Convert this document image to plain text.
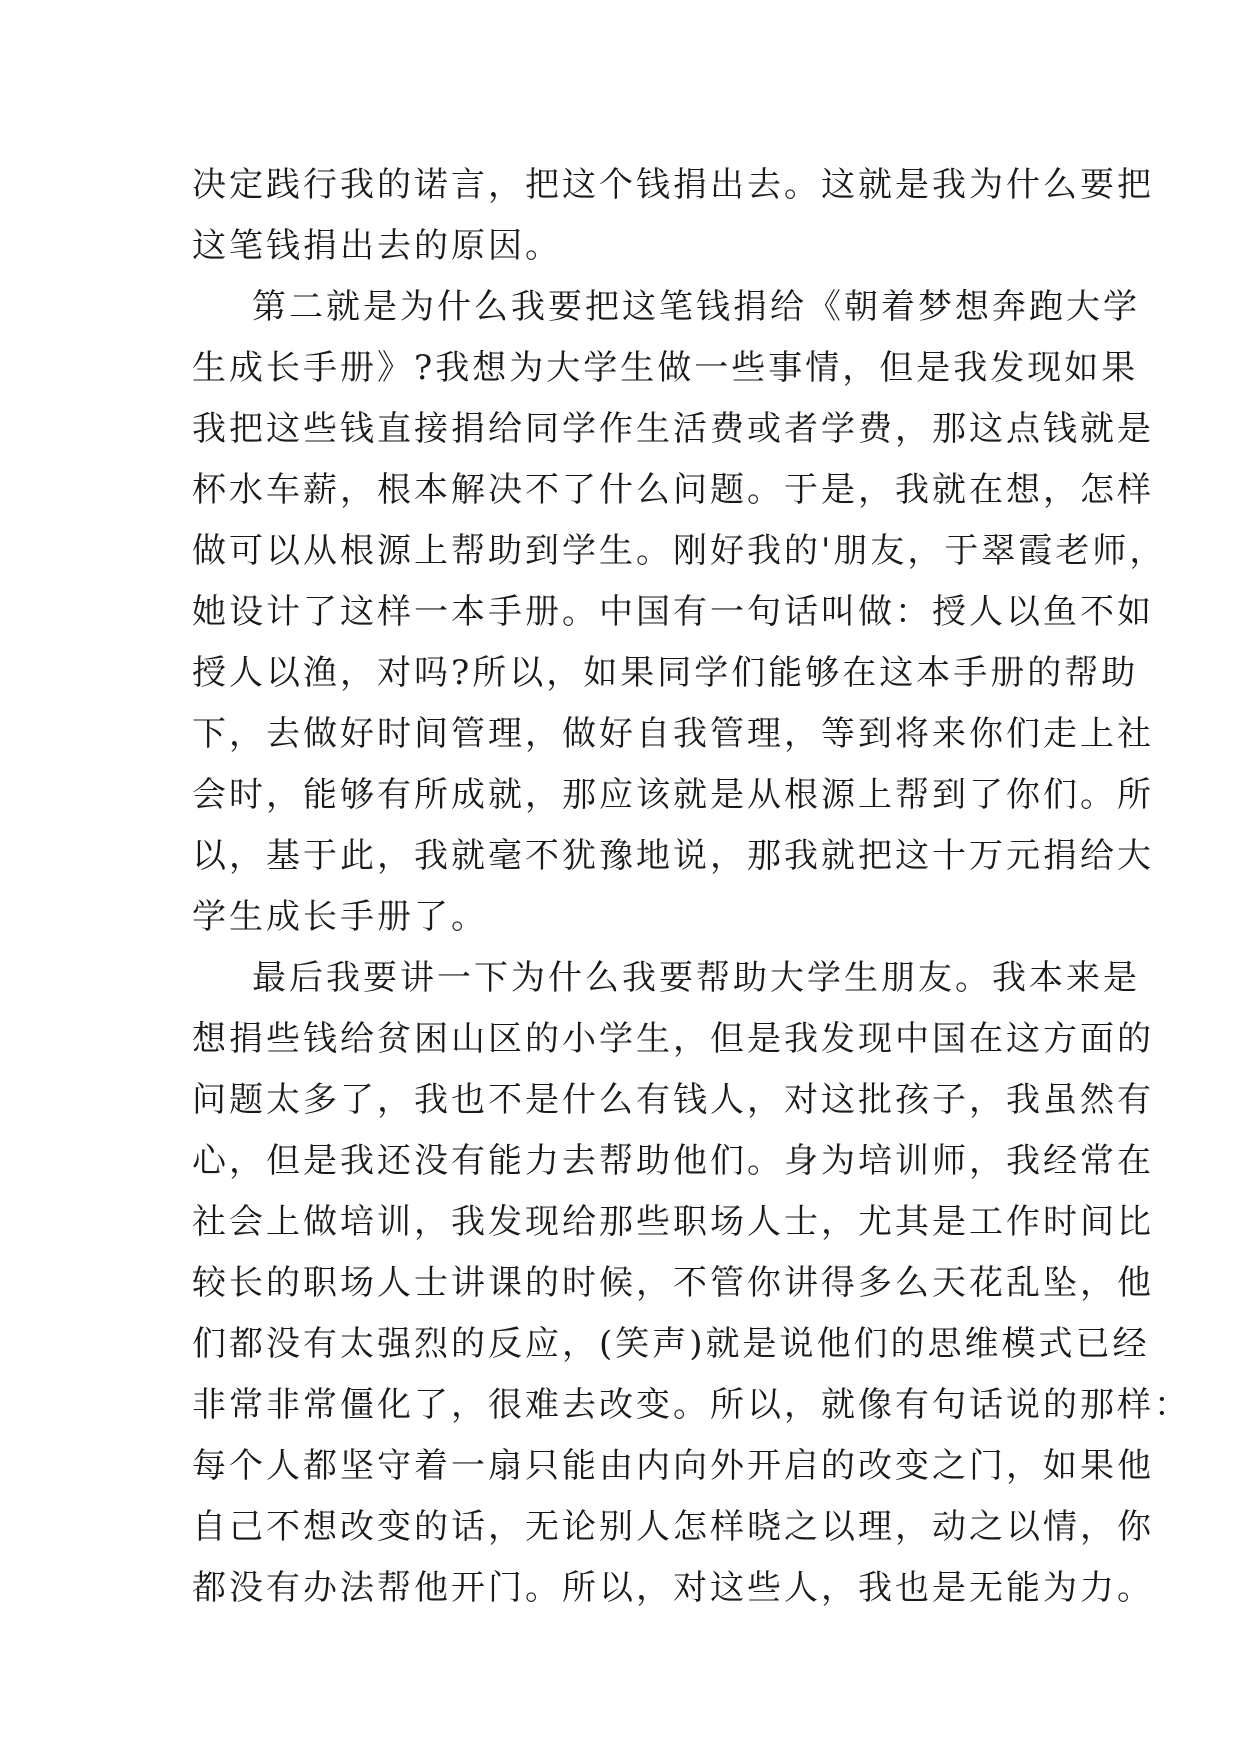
决定践行我的诺言，把这个钱捐出去。这就是我为什么要把
这笔钱捐出去的原因。

第二就是为什么我要把这笔钱捐给《朝着梦想奔跑大学
生成长手册》?我想为大学生做一些事情，但是我发现如果
我把这些钱直接捐给同学作生活费或者学费，那这点钱就是
杯水车薪，根本解决不了什么问题。于是，我就在想，怎样
做可以从根源上帮助到学生。刚好我的'朋友，于翠霞老师，
她设计了这样一本手册。中国有一句话叫做：授人以鱼不如
授人以渔，对吗?所以，如果同学们能够在这本手册的帮助
下，去做好时间管理，做好自我管理，等到将来你们走上社
会时，能够有所成就，那应该就是从根源上帮到了你们。所
以，基于此，我就毫不犹豫地说，那我就把这十万元捐给大
学生成长手册了。

最后我要讲一下为什么我要帮助大学生朋友。我本来是
想捐些钱给贫困山区的小学生，但是我发现中国在这方面的
问题太多了，我也不是什么有钱人，对这批孩子，我虽然有
心，但是我还没有能力去帮助他们。身为培训师，我经常在
社会上做培训，我发现给那些职场人士，尤其是工作时间比
较长的职场人士讲课的时候，不管你讲得多么天花乱坠，他
们都没有太强烈的反应，(笑声)就是说他们的思维模式已经
非常非常僵化了，很难去改变。所以，就像有句话说的那样：
每个人都坚守着一扇只能由内向外开启的改变之门，如果他
自己不想改变的话，无论别人怎样晓之以理，动之以情，你
都没有办法帮他开门。所以，对这些人，我也是无能为力。
